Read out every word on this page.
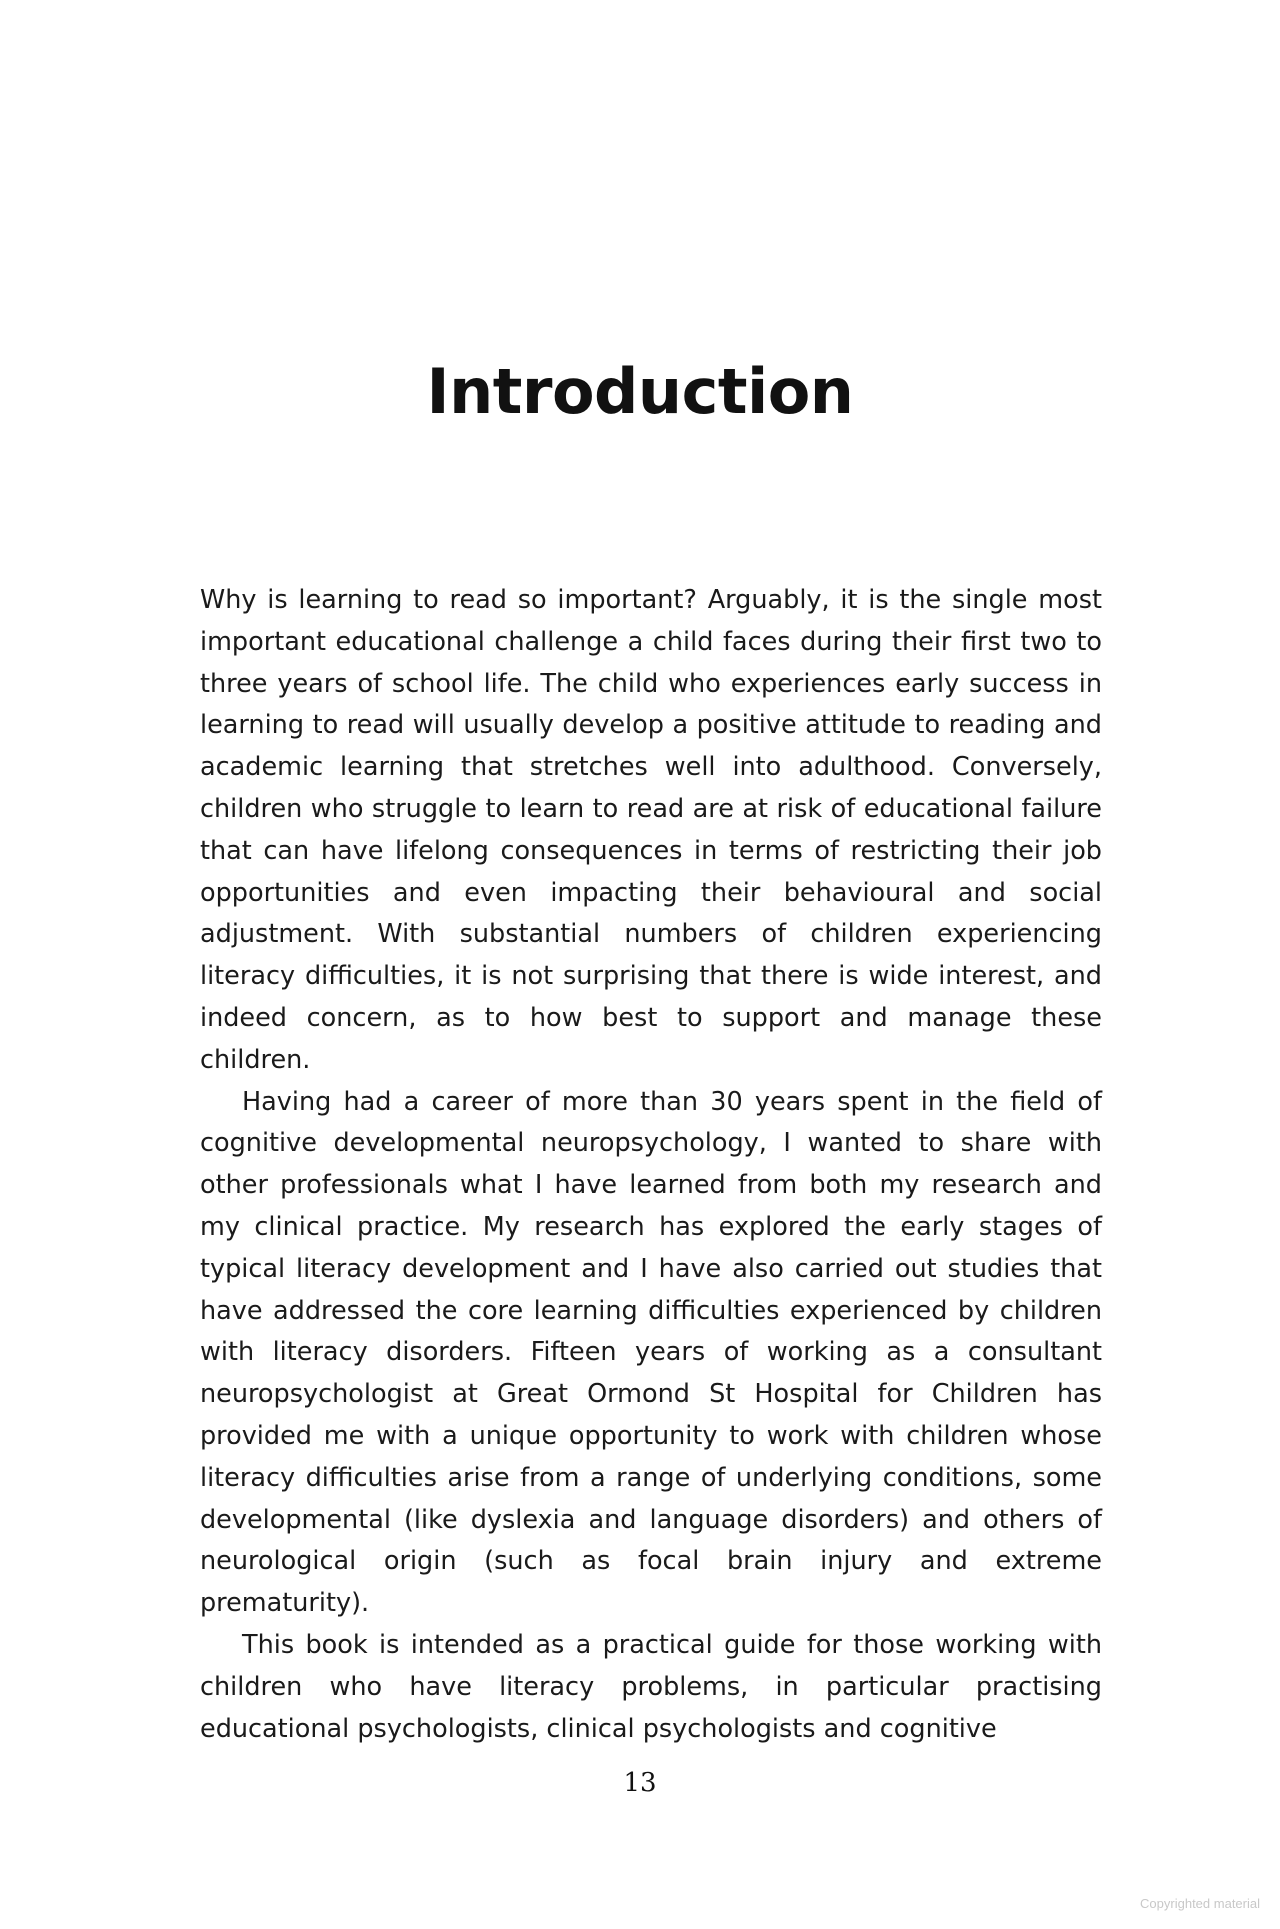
Introduction

Why is learning to read so important? Arguably, it is the single most important educational challenge a child faces during their first two to three years of school life. The child who experiences early success in learning to read will usually develop a positive attitude to reading and academic learning that stretches well into adulthood. Conversely, children who struggle to learn to read are at risk of educational failure that can have lifelong consequences in terms of restricting their job opportunities and even impacting their behavioural and social adjustment. With substantial numbers of children experiencing literacy difficulties, it is not surprising that there is wide interest, and indeed concern, as to how best to support and manage these children.

Having had a career of more than 30 years spent in the field of cognitive developmental neuropsychology, I wanted to share with other professionals what I have learned from both my research and my clinical practice. My research has explored the early stages of typical literacy development and I have also carried out studies that have addressed the core learning difficulties experienced by children with literacy disorders. Fifteen years of working as a consultant neuropsychologist at Great Ormond St Hospital for Children has provided me with a unique opportunity to work with children whose literacy difficulties arise from a range of underlying conditions, some developmental (like dyslexia and language disorders) and others of neurological origin (such as focal brain injury and extreme prematurity).

This book is intended as a practical guide for those working with children who have literacy problems, in particular practising educational psychologists, clinical psychologists and cognitive

13
Copyrighted material
